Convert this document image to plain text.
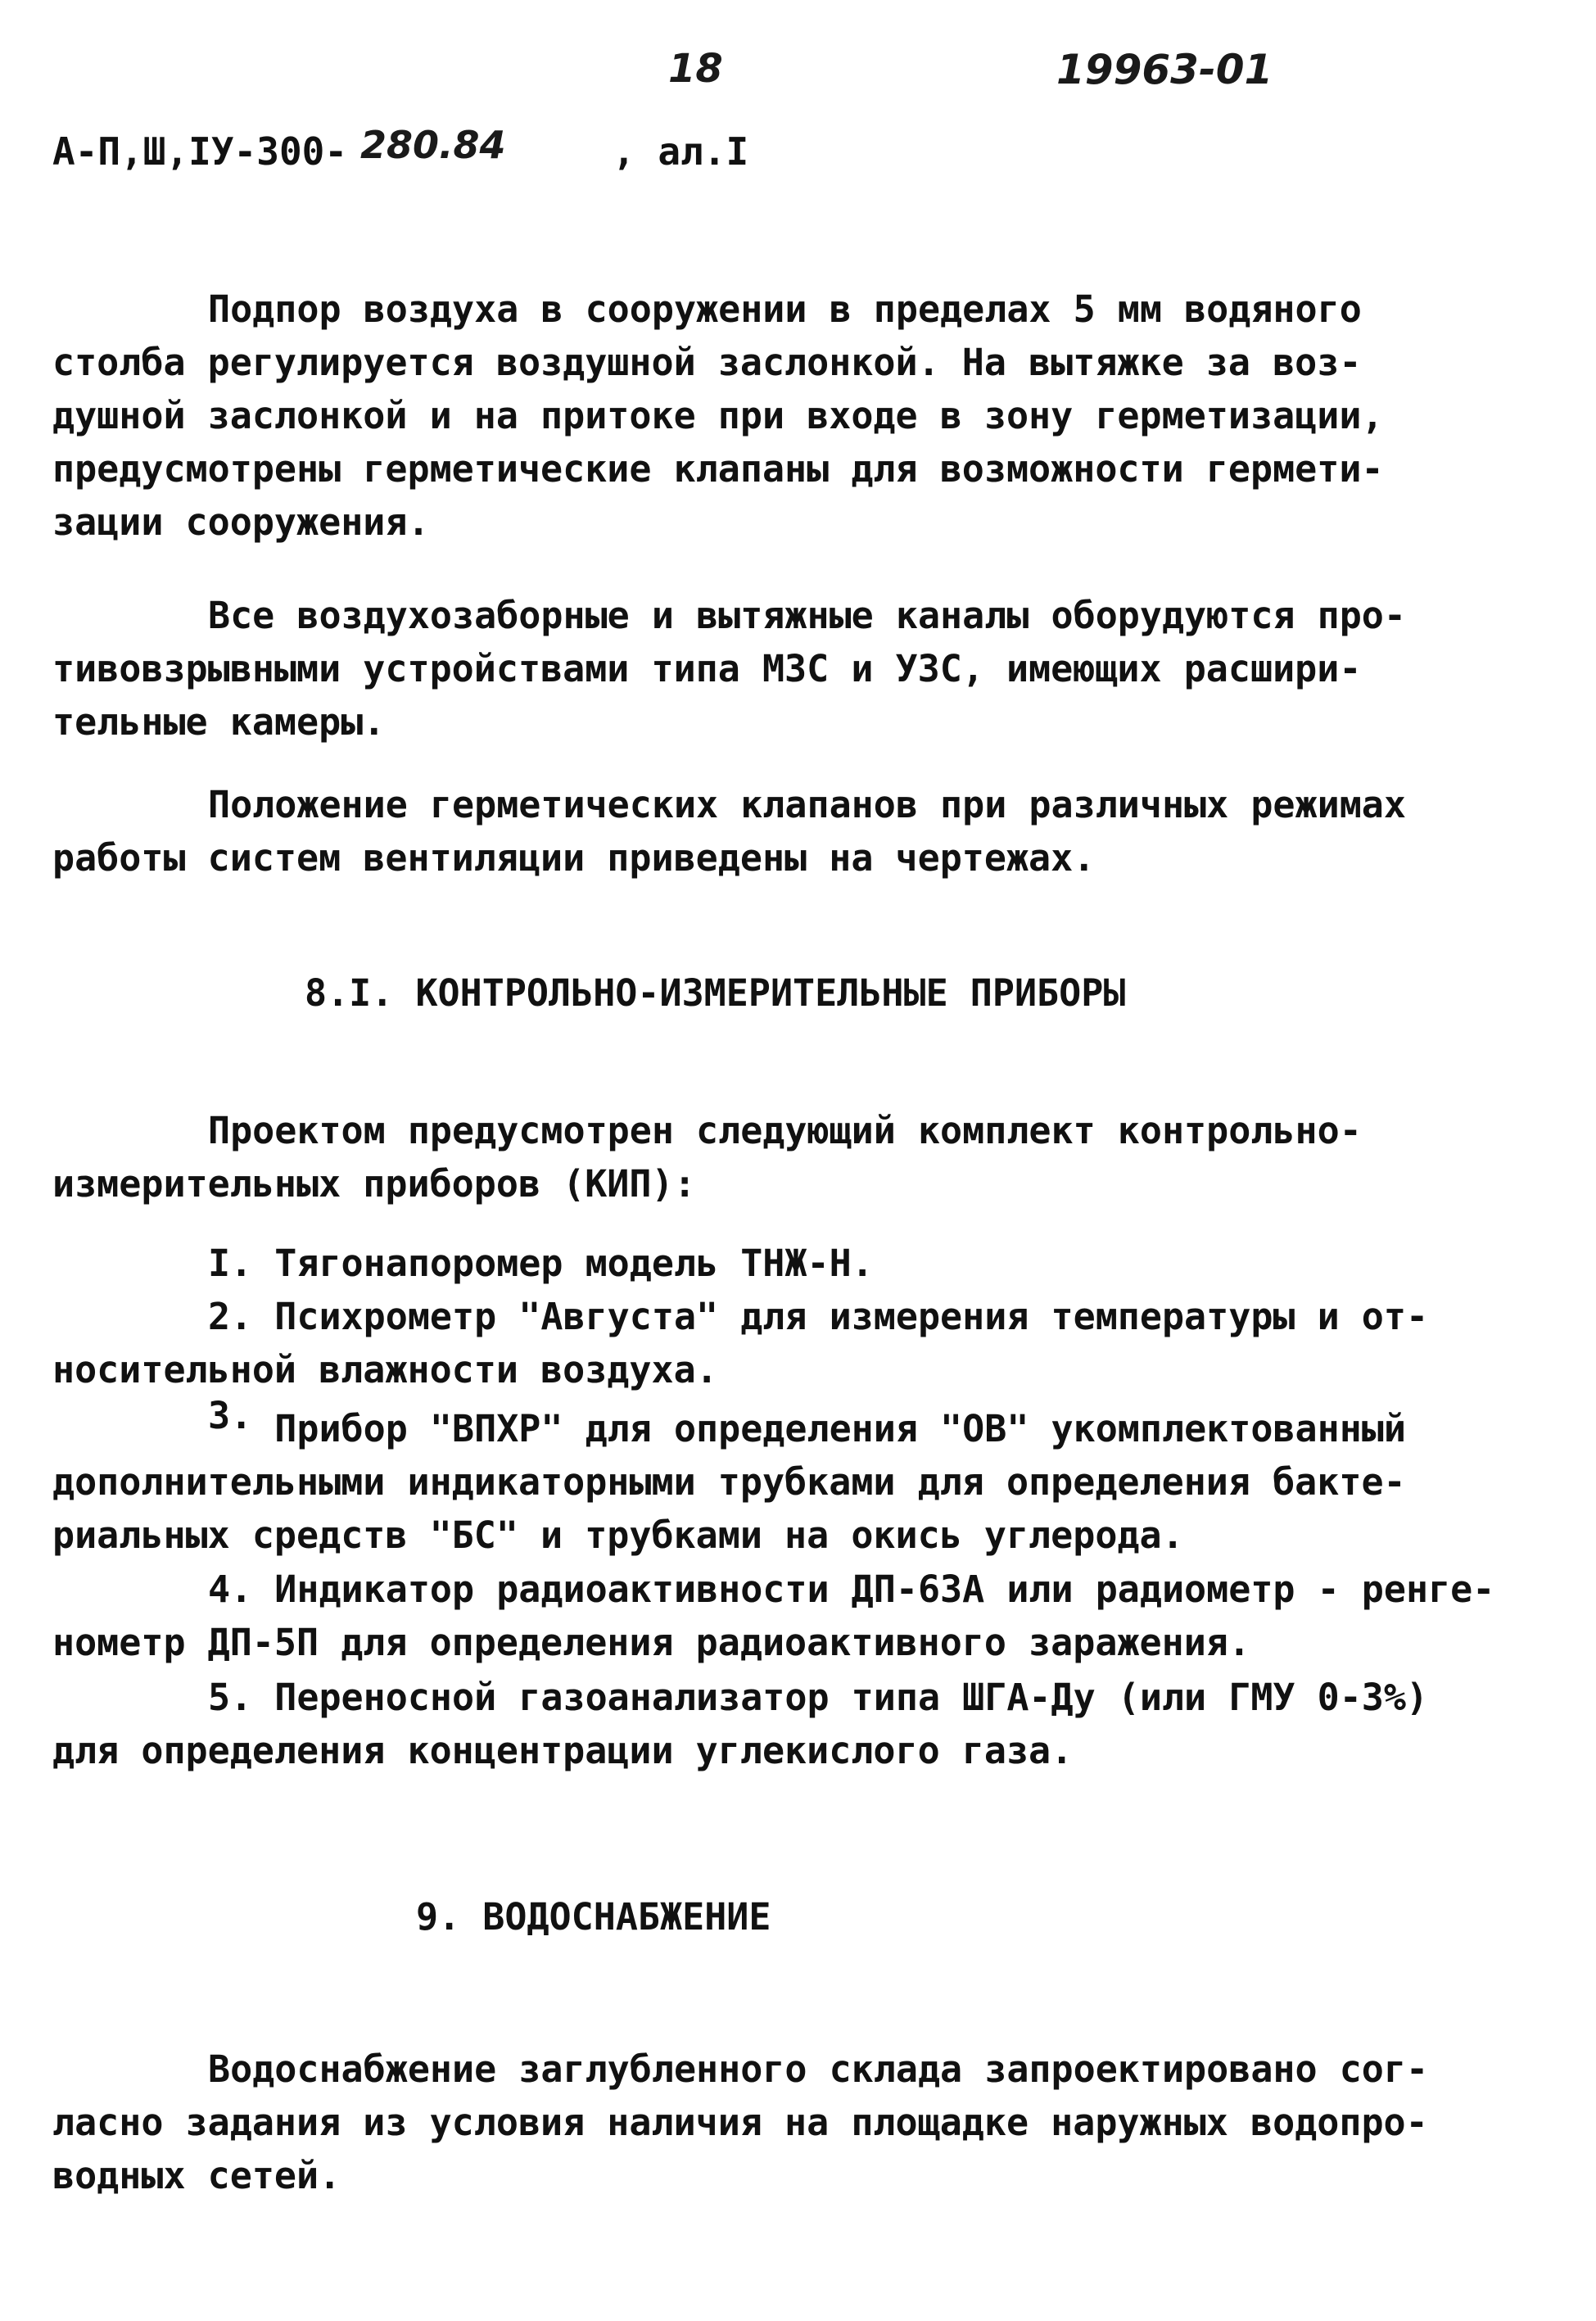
18	19963-01
А-П,Ш,IУ-300- 280.84	, ал.I

Подпор воздуха в сооружении в пределах 5 мм водяного
столба регулируется воздушной заслонкой. На вытяжке за воз-
душной заслонкой и на притоке при входе в зону герметизации,
предусмотрены герметические клапаны для возможности гермети-
зации сооружения.

Все воздухозаборные и вытяжные каналы оборудуются про-
тивовзрывными устройствами типа МЗС и УЗС, имеющих расшири-
тельные камеры.

Положение герметических клапанов при различных режимах
работы систем вентиляции приведены на чертежах.

8.I. КОНТРОЛЬНО-ИЗМЕРИТЕЛЬНЫЕ ПРИБОРЫ

Проектом предусмотрен следующий комплект контрольно-
измерительных приборов (КИП):

I. Тягонапоромер модель ТНЖ-Н.

2. Психрометр "Августа" для измерения температуры и от-
носительной влажности воздуха.

3. Прибор "ВПХР" для определения "ОВ" укомплектованный
дополнительными индикаторными трубками для определения бакте-
риальных средств "БС" и трубками на окись углерода.

4. Индикатор радиоактивности ДП-63А или радиометр - ренге-
нометр ДП-5П для определения радиоактивного заражения.

5. Переносной газоанализатор типа ШГА-Ду (или ГМУ 0-3%)
для определения концентрации углекислого газа.

9. ВОДОСНАБЖЕНИЕ

Водоснабжение заглубленного склада запроектировано сог-
ласно задания из условия наличия на площадке наружных водопро-
водных сетей.
